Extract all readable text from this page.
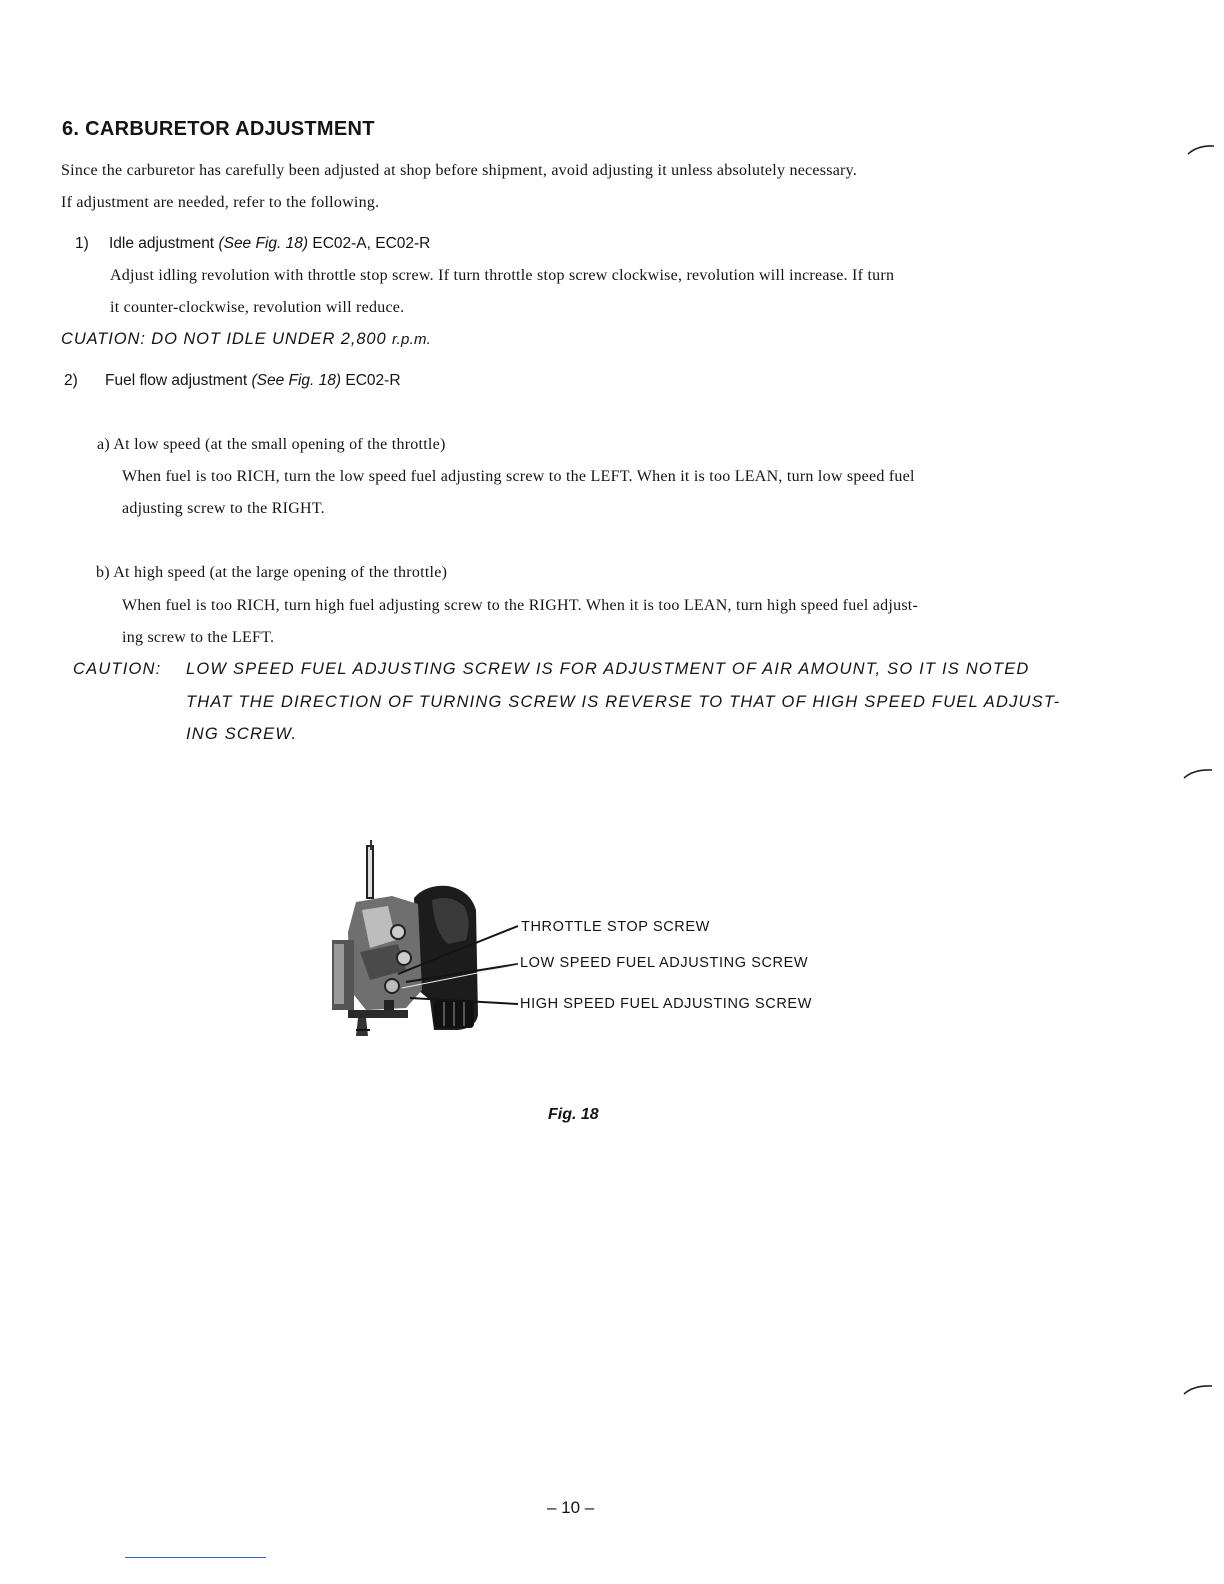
6. CARBURETOR ADJUSTMENT
Since the carburetor has carefully been adjusted at shop before shipment, avoid adjusting it unless absolutely necessary.
If adjustment are needed, refer to the following.
1) Idle adjustment (See Fig. 18) EC02-A, EC02-R
Adjust idling revolution with throttle stop screw. If turn throttle stop screw clockwise, revolution will increase. If turn
it counter-clockwise, revolution will reduce.
CUATION: DO NOT IDLE UNDER 2,800 r.p.m.
2) Fuel flow adjustment (See Fig. 18) EC02-R
a) At low speed (at the small opening of the throttle)
When fuel is too RICH, turn the low speed fuel adjusting screw to the LEFT. When it is too LEAN, turn low speed fuel
adjusting screw to the RIGHT.
b) At high speed (at the large opening of the throttle)
When fuel is too RICH, turn high fuel adjusting screw to the RIGHT. When it is too LEAN, turn high speed fuel adjust-
ing screw to the LEFT.
CAUTION: LOW SPEED FUEL ADJUSTING SCREW IS FOR ADJUSTMENT OF AIR AMOUNT, SO IT IS NOTED
THAT THE DIRECTION OF TURNING SCREW IS REVERSE TO THAT OF HIGH SPEED FUEL ADJUST-
ING SCREW.
THROTTLE STOP SCREW
LOW SPEED FUEL ADJUSTING SCREW
HIGH SPEED FUEL ADJUSTING SCREW
Fig. 18
– 10 –
